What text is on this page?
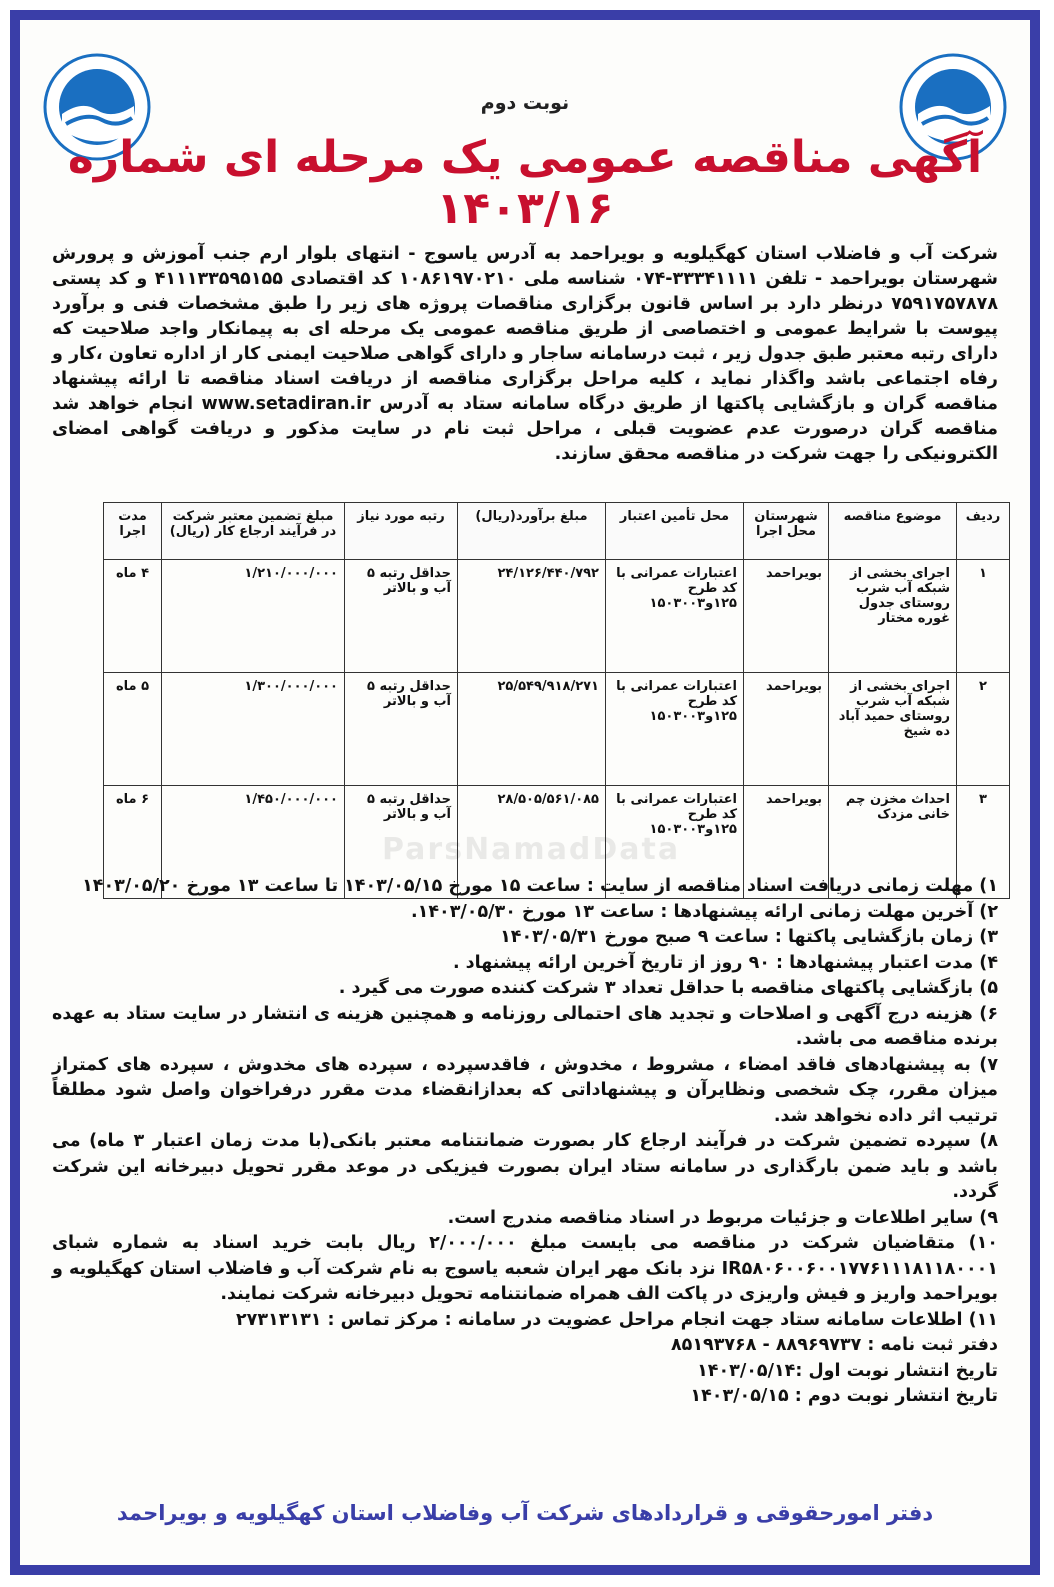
نوبت دوم
آگهی مناقصه عمومی یک مرحله ای شماره ۱۴۰۳/۱۶
شرکت آب و فاضلاب استان کهگیلویه و بویراحمد به آدرس یاسوج - انتهای بلوار ارم جنب آموزش و پرورش شهرستان بویراحمد - تلفن ۳۳۳۴۱۱۱۱-۰۷۴ شناسه ملی ۱۰۸۶۱۹۷۰۲۱۰ کد اقتصادی ۴۱۱۱۳۳۵۹۵۱۵۵ و کد پستی ۷۵۹۱۷۵۷۸۷۸ درنظر دارد بر اساس قانون برگزاری مناقصات پروژه های زیر را طبق مشخصات فنی و برآورد پیوست با شرایط عمومی و اختصاصی از طریق مناقصه عمومی یک مرحله ای به پیمانکار واجد صلاحیت که دارای رتبه معتبر طبق جدول زیر ، ثبت درسامانه ساجار و دارای گواهی صلاحیت ایمنی کار از اداره تعاون ،کار و رفاه اجتماعی باشد واگذار نماید ، کلیه مراحل برگزاری مناقصه از دریافت اسناد مناقصه تا ارائه پیشنهاد مناقصه گران و بازگشایی پاکتها از طریق درگاه سامانه ستاد به آدرس www.setadiran.ir انجام خواهد شد مناقصه گران درصورت عدم عضویت قبلی ، مراحل ثبت نام در سایت مذکور و دریافت گواهی امضای الکترونیکی را جهت شرکت در مناقصه محقق سازند.
ردیف	موضوع مناقصه	شهرستان محل اجرا	محل تأمین اعتبار	مبلغ برآورد(ریال)	رتبه مورد نیاز	مبلغ تضمین معتبر شرکت در فرآیند ارجاع کار (ریال)	مدت اجرا
۱	اجرای بخشی از شبکه آب شرب روستای جدول غوره مختار	بویراحمد	اعتبارات عمرانی با کد طرح ۱۲۵و۱۵۰۳۰۰۳	۲۴/۱۲۶/۴۴۰/۷۹۲	حداقل رتبه ۵ آب و بالاتر	۱/۲۱۰/۰۰۰/۰۰۰	۴ ماه
۲	اجرای بخشی از شبکه آب شرب روستای حمید آباد ده شیخ	بویراحمد	اعتبارات عمرانی با کد طرح ۱۲۵و۱۵۰۳۰۰۳	۲۵/۵۴۹/۹۱۸/۲۷۱	حداقل رتبه ۵ آب و بالاتر	۱/۳۰۰/۰۰۰/۰۰۰	۵ ماه
۳	احداث مخزن چم خانی مزدک	بویراحمد	اعتبارات عمرانی با کد طرح ۱۲۵و۱۵۰۳۰۰۳	۲۸/۵۰۵/۵۶۱/۰۸۵	حداقل رتبه ۵ آب و بالاتر	۱/۴۵۰/۰۰۰/۰۰۰	۶ ماه
ParsNamadData

۱) مهلت زمانی دریافت اسناد مناقصه از سایت : ساعت ۱۵ مورخ ۱۴۰۳/۰۵/۱۵ تا ساعت ۱۳ مورخ ۱۴۰۳/۰۵/۲۰

۲) آخرین مهلت زمانی ارائه پیشنهادها : ساعت ۱۳ مورخ ۱۴۰۳/۰۵/۳۰.

۳) زمان بازگشایی پاکتها : ساعت ۹ صبح مورخ ۱۴۰۳/۰۵/۳۱

۴) مدت اعتبار پیشنهادها : ۹۰ روز از تاریخ آخرین ارائه پیشنهاد .

۵) بازگشایی پاکتهای مناقصه با حداقل تعداد ۳ شرکت کننده صورت می گیرد .

۶) هزینه درج آگهی و اصلاحات و تجدید های احتمالی روزنامه و همچنین هزینه ی انتشار در سایت ستاد به عهده برنده مناقصه می باشد.

۷) به پیشنهادهای فاقد امضاء ، مشروط ، مخدوش ، فاقدسپرده ، سپرده های مخدوش ، سپرده های کمتراز میزان مقرر، چک شخصی ونظایرآن و پیشنهاداتی که بعدازانقضاء مدت مقرر درفراخوان واصل شود مطلقاً ترتیب اثر داده نخواهد شد.

۸) سپرده تضمین شرکت در فرآیند ارجاع کار بصورت ضمانتنامه معتبر بانکی(با مدت زمان اعتبار ۳ ماه) می باشد و باید ضمن بارگذاری در سامانه ستاد ایران بصورت فیزیکی در موعد مقرر تحویل دبیرخانه این شرکت گردد.

۹) سایر اطلاعات و جزئیات مربوط در اسناد مناقصه مندرج است.

۱۰) متقاضیان شرکت در مناقصه می بایست مبلغ ۲/۰۰۰/۰۰۰ ریال بابت خرید اسناد به شماره شبای IR۵۸۰۶۰۰۶۰۰۱۷۷۶۱۱۱۸۱۱۸۰۰۰۱ نزد بانک مهر ایران شعبه یاسوج به نام شرکت آب و فاضلاب استان کهگیلویه و بویراحمد واریز و فیش واریزی در پاکت الف همراه ضمانتنامه تحویل دبیرخانه شرکت نمایند.

۱۱) اطلاعات سامانه ستاد جهت انجام مراحل عضویت در سامانه : مرکز تماس : ۲۷۳۱۳۱۳۱

دفتر ثبت نامه : ۸۸۹۶۹۷۳۷ - ۸۵۱۹۳۷۶۸

تاریخ انتشار نوبت اول :۱۴۰۳/۰۵/۱۴

تاریخ انتشار نوبت دوم : ۱۴۰۳/۰۵/۱۵

دفتر امورحقوقی و قراردادهای شرکت آب وفاضلاب استان کهگیلویه و بویراحمد
